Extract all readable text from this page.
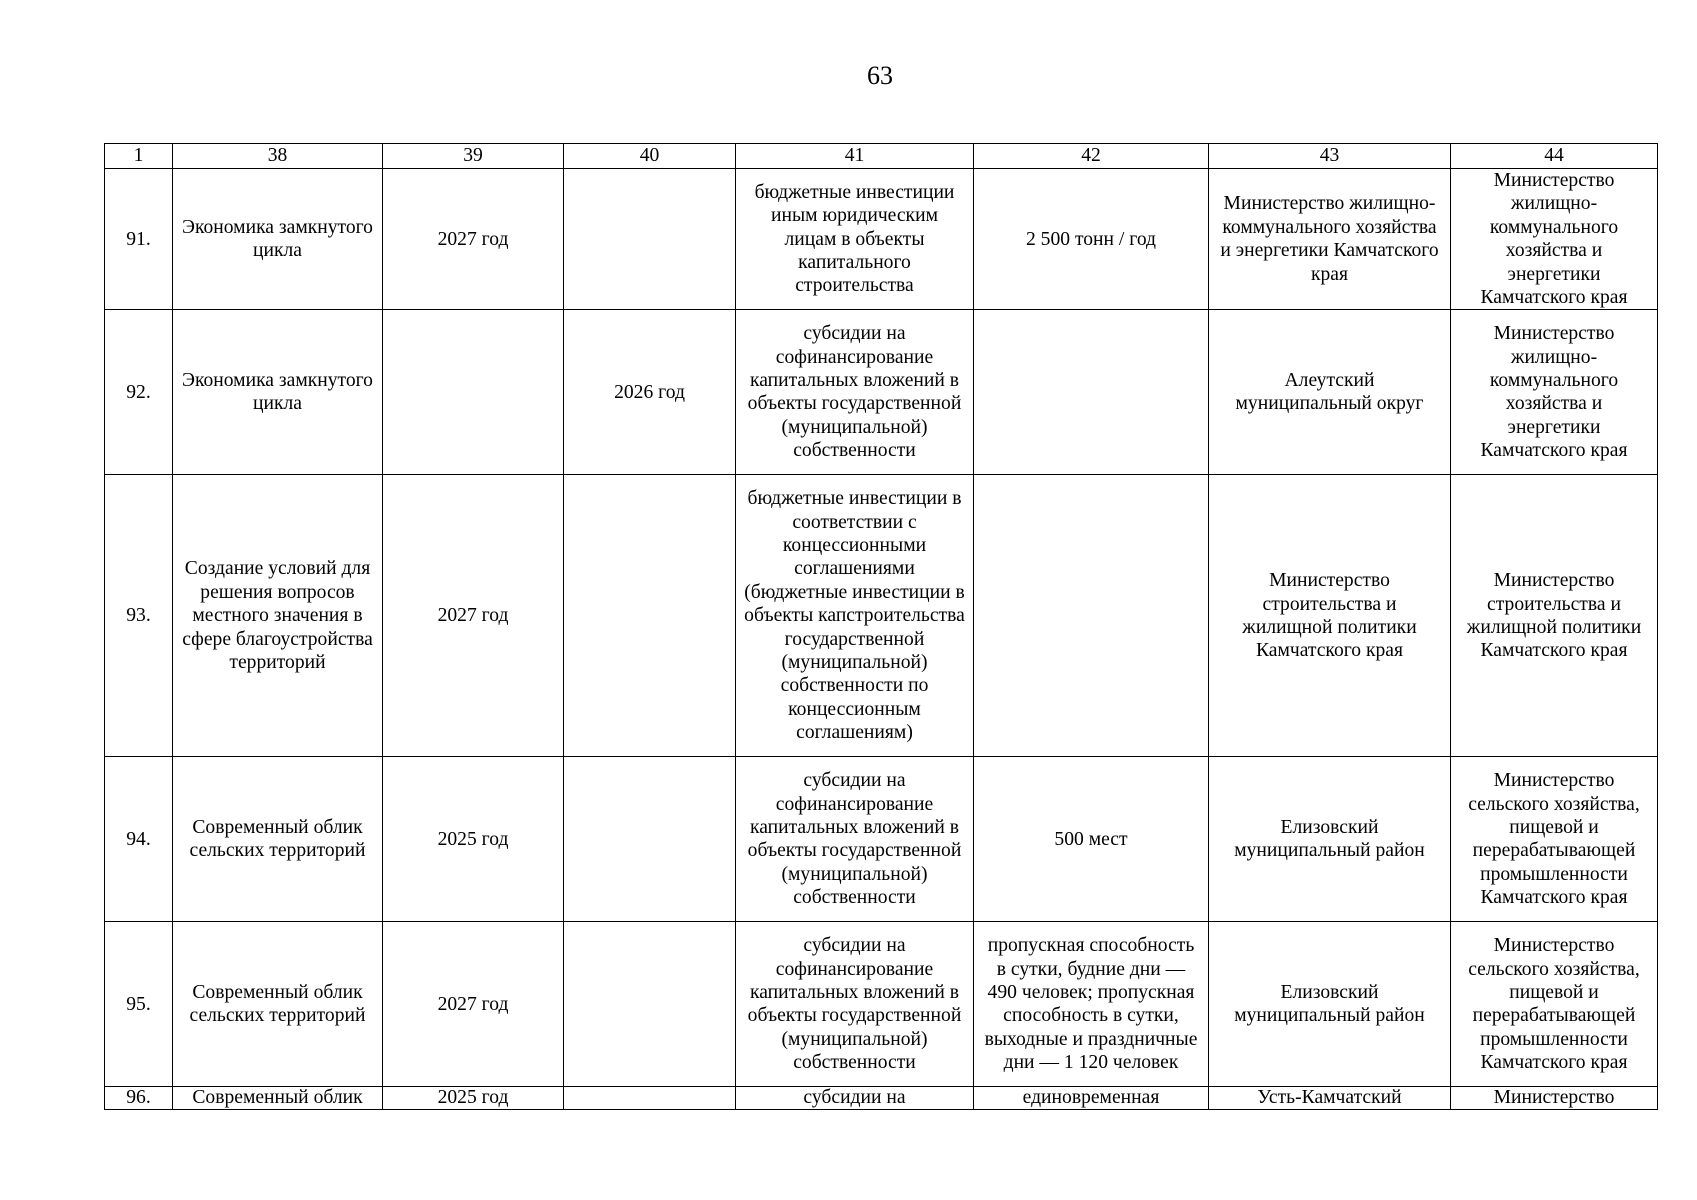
63
1	38	39	40	41	42	43	44
91.	Экономика замкнутого цикла	2027 год		бюджетные инвестиции иным юридическим лицам в объекты капитального строительства	2 500 тонн / год	Министерство жилищно-коммунального хозяйства и энергетики Камчатского края	Министерство жилищно-коммунального хозяйства и энергетики Камчатского края
92.	Экономика замкнутого цикла		2026 год	субсидии на софинансирование капитальных вложений в объекты государственной (муниципальной) собственности		Алеутский муниципальный округ	Министерство жилищно-коммунального хозяйства и энергетики Камчатского края
93.	Создание условий для решения вопросов местного значения в сфере благоустройства территорий	2027 год		бюджетные инвестиции в соответствии с концессионными соглашениями (бюджетные инвестиции в объекты капстроительства государственной (муниципальной) собственности по концессионным соглашениям)		Министерство строительства и жилищной политики Камчатского края	Министерство строительства и жилищной политики Камчатского края
94.	Современный облик сельских территорий	2025 год		субсидии на софинансирование капитальных вложений в объекты государственной (муниципальной) собственности	500 мест	Елизовский муниципальный район	Министерство сельского хозяйства, пищевой и перерабатывающей промышленности Камчатского края
95.	Современный облик сельских территорий	2027 год		субсидии на софинансирование капитальных вложений в объекты государственной (муниципальной) собственности	пропускная способность в сутки, будние дни — 490 человек; пропускная способность в сутки, выходные и праздничные дни — 1 120 человек	Елизовский муниципальный район	Министерство сельского хозяйства, пищевой и перерабатывающей промышленности Камчатского края
96.	Современный облик	2025 год		субсидии на	единовременная	Усть-Камчатский	Министерство
